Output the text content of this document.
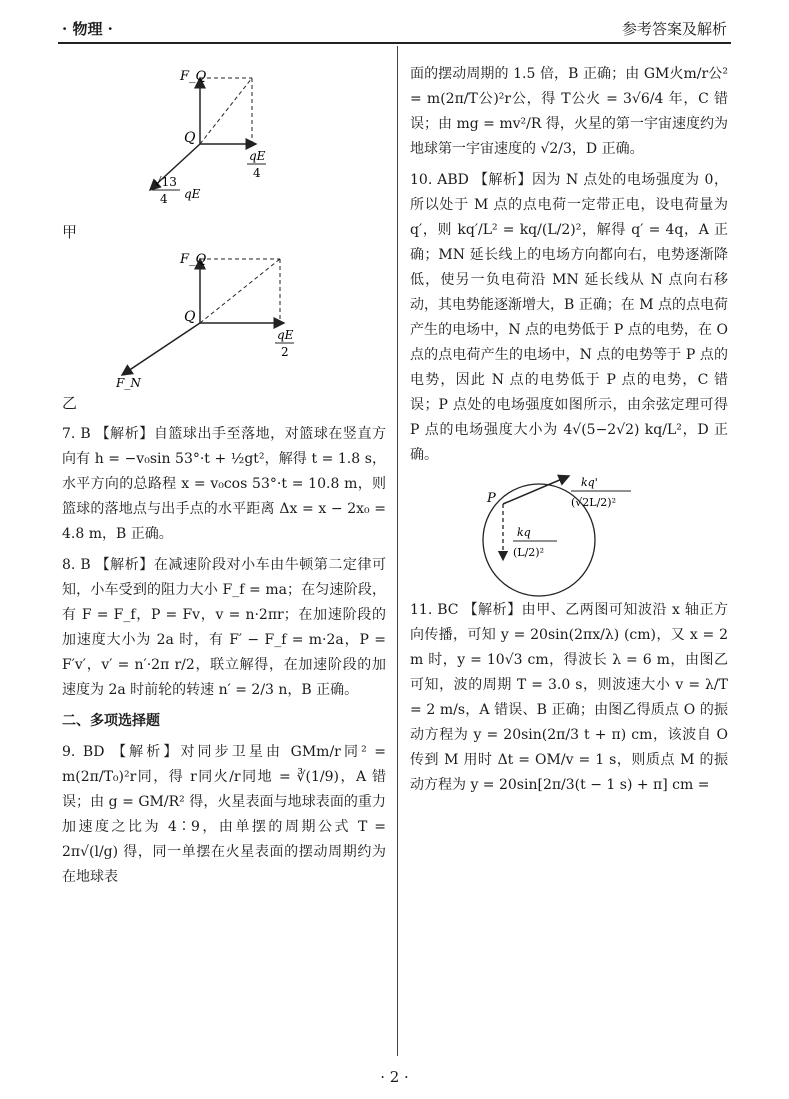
· 物理 ·	参考答案及解析
F_Q
Q
qE
4
√13
4 qE

甲

F_Q
Q
qE
2
F_N

乙

7. B 【解析】自篮球出手至落地，对篮球在竖直方向有 h = −v₀sin 53°·t + ½gt²，解得 t = 1.8 s，水平方向的总路程 x = v₀cos 53°·t = 10.8 m，则篮球的落地点与出手点的水平距离 Δx = x − 2x₀ = 4.8 m，B 正确。

8. B 【解析】在减速阶段对小车由牛顿第二定律可知，小车受到的阻力大小 F_f = ma；在匀速阶段，有 F = F_f，P = Fv，v = n·2πr；在加速阶段的加速度大小为 2a 时，有 F′ − F_f = m·2a，P = F′v′，v′ = n′·2π r/2，联立解得，在加速阶段的加速度为 2a 时前轮的转速 n′ = 2/3 n，B 正确。

二、多项选择题

9. BD 【解析】对同步卫星由 GMm/r同² = m(2π/T₀)²r同，得 r同火/r同地 = ∛(1/9)，A 错误；由 g = GM/R² 得，火星表面与地球表面的重力加速度之比为 4∶9，由单摆的周期公式 T = 2π√(l/g) 得，同一单摆在火星表面的摆动周期约为在地球表

面的摆动周期的 1.5 倍，B 正确；由 GM火m/r公² = m(2π/T公)²r公，得 T公火 = 3√6/4 年，C 错误；由 mg = mv²/R 得，火星的第一宇宙速度约为地球第一宇宙速度的 √2/3，D 正确。

10. ABD 【解析】因为 N 点处的电场强度为 0，所以处于 M 点的点电荷一定带正电，设电荷量为 q′，则 kq′/L² = kq/(L/2)²，解得 q′ = 4q，A 正确；MN 延长线上的电场方向都向右，电势逐渐降低，使另一负电荷沿 MN 延长线从 N 点向右移动，其电势能逐渐增大，B 正确；在 M 点的点电荷产生的电场中，N 点的电势低于 P 点的电势，在 O 点的点电荷产生的电场中，N 点的电势等于 P 点的电势，因此 N 点的电势低于 P 点的电势，C 错误；P 点处的电场强度如图所示，由余弦定理可得 P 点的电场强度大小为 4√(5−2√2) kq/L²，D 正确。

P
kq'
(√2L/2)²
kq
(L/2)²

11. BC 【解析】由甲、乙两图可知波沿 x 轴正方向传播，可知 y = 20sin(2πx/λ) (cm)，又 x = 2 m 时，y = 10√3 cm，得波长 λ = 6 m，由图乙可知，波的周期 T = 3.0 s，则波速大小 v = λ/T = 2 m/s，A 错误、B 正确；由图乙得质点 O 的振动方程为 y = 20sin(2π/3 t + π) cm，该波自 O 传到 M 用时 Δt = OM/v = 1 s，则质点 M 的振动方程为 y = 20sin[2π/3(t − 1 s) + π] cm =

· 2 ·
